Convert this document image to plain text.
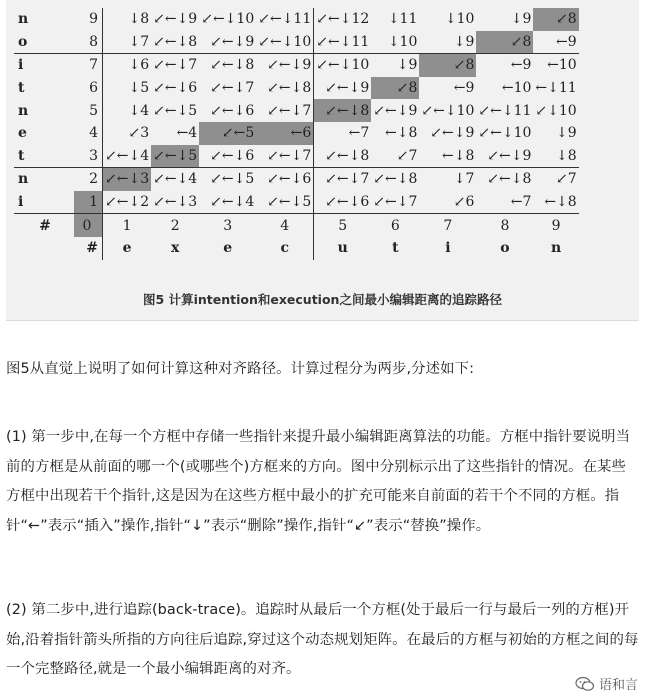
n	9	↓8	↙←↓9	↙←↓10	↙←↓11	↙←↓12	↓11	↓10	↓9	↙8
o	8	↓7	↙←↓8	↙←↓9	↙←↓10	↙←↓11	↓10	↓9	↙8	←9
i	7	↓6	↙←↓7	↙←↓8	↙←↓9	↙←↓10	↓9	↙8	←9	←10
t	6	↓5	↙←↓6	↙←↓7	↙←↓8	↙←↓9	↙8	←9	←10	←↓11
n	5	↓4	↙←↓5	↙←↓6	↙←↓7	↙←↓8	↙←↓9	↙←↓10	↙←↓11	↙↓10
e	4	↙3	←4	↙←5	←6	←7	←↓8	↙←↓9	↙←↓10	↓9
t	3	↙←↓4	↙←↓5	↙←↓6	↙←↓7	↙←↓8	↙7	←↓8	↙←↓9	↓8
n	2	↙←↓3	↙←↓4	↙←↓5	↙←↓6	↙←↓7	↙←↓8	↓7	↙←↓8	↙7
i	1	↙←↓2	↙←↓3	↙←↓4	↙←↓5	↙←↓6	↙←↓7	↙6	←7	←↓8
#	0	1	2	3	4	5	6	7	8	9
	#	e	x	e	c	u	t	i	o	n
图5 计算intention和execution之间最小编辑距离的追踪路径
图5从直觉上说明了如何计算这种对齐路径。计算过程分为两步,分述如下:
(1) 第一步中,在每一个方框中存储一些指针来提升最小编辑距离算法的功能。方框中指针要说明当前的方框是从前面的哪一个(或哪些个)方框来的方向。图中分别标示出了这些指针的情况。在某些方框中出现若干个指针,这是因为在这些方框中最小的扩充可能来自前面的若干个不同的方框。指针“←”表示“插入”操作,指针“↓”表示“删除”操作,指针“↙”表示“替换”操作。
(2) 第二步中,进行追踪(back-trace)。追踪时从最后一个方框(处于最后一行与最后一列的方框)开始,沿着指针箭头所指的方向往后追踪,穿过这个动态规划矩阵。在最后的方框与初始的方框之间的每一个完整路径,就是一个最小编辑距离的对齐。
语和言
